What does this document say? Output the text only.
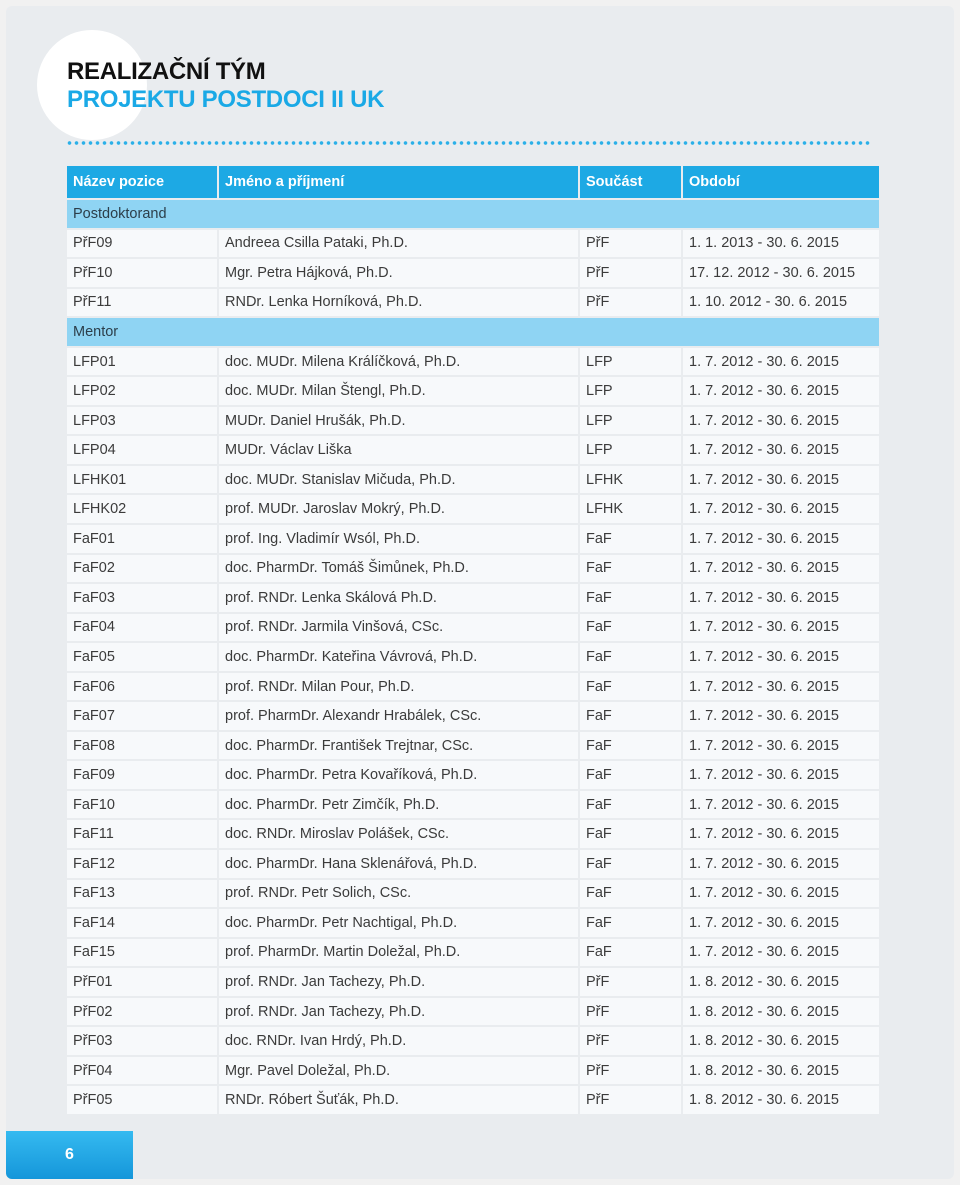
REALIZAČNÍ TÝM
PROJEKTU POSTDOCI II UK
Název pozice	Jméno a příjmení	Součást	Období
Postdoktorand			
PřF09	Andreea Csilla Pataki, Ph.D.	PřF	1. 1. 2013 - 30. 6. 2015
PřF10	Mgr. Petra Hájková, Ph.D.	PřF	17. 12. 2012 - 30. 6. 2015
PřF11	RNDr. Lenka Horníková, Ph.D.	PřF	1. 10. 2012 - 30. 6. 2015
Mentor			
LFP01	doc. MUDr. Milena Králíčková, Ph.D.	LFP	1. 7. 2012 - 30. 6. 2015
LFP02	doc. MUDr. Milan Štengl, Ph.D.	LFP	1. 7. 2012 - 30. 6. 2015
LFP03	MUDr. Daniel Hrušák, Ph.D.	LFP	1. 7. 2012 - 30. 6. 2015
LFP04	MUDr. Václav Liška	LFP	1. 7. 2012 - 30. 6. 2015
LFHK01	doc. MUDr. Stanislav Mičuda, Ph.D.	LFHK	1. 7. 2012 - 30. 6. 2015
LFHK02	prof. MUDr. Jaroslav Mokrý, Ph.D.	LFHK	1. 7. 2012 - 30. 6. 2015
FaF01	prof. Ing. Vladimír Wsól, Ph.D.	FaF	1. 7. 2012 - 30. 6. 2015
FaF02	doc. PharmDr. Tomáš Šimůnek, Ph.D.	FaF	1. 7. 2012 - 30. 6. 2015
FaF03	prof. RNDr. Lenka Skálová Ph.D.	FaF	1. 7. 2012 - 30. 6. 2015
FaF04	prof. RNDr. Jarmila Vinšová, CSc.	FaF	1. 7. 2012 - 30. 6. 2015
FaF05	doc. PharmDr. Kateřina Vávrová, Ph.D.	FaF	1. 7. 2012 - 30. 6. 2015
FaF06	prof. RNDr. Milan Pour, Ph.D.	FaF	1. 7. 2012 - 30. 6. 2015
FaF07	prof. PharmDr. Alexandr Hrabálek, CSc.	FaF	1. 7. 2012 - 30. 6. 2015
FaF08	doc. PharmDr. František Trejtnar, CSc.	FaF	1. 7. 2012 - 30. 6. 2015
FaF09	doc. PharmDr. Petra Kovaříková, Ph.D.	FaF	1. 7. 2012 - 30. 6. 2015
FaF10	doc. PharmDr. Petr Zimčík, Ph.D.	FaF	1. 7. 2012 - 30. 6. 2015
FaF11	doc. RNDr. Miroslav Polášek, CSc.	FaF	1. 7. 2012 - 30. 6. 2015
FaF12	doc. PharmDr. Hana Sklenářová, Ph.D.	FaF	1. 7. 2012 - 30. 6. 2015
FaF13	prof. RNDr. Petr Solich, CSc.	FaF	1. 7. 2012 - 30. 6. 2015
FaF14	doc. PharmDr. Petr Nachtigal, Ph.D.	FaF	1. 7. 2012 - 30. 6. 2015
FaF15	prof. PharmDr. Martin Doležal, Ph.D.	FaF	1. 7. 2012 - 30. 6. 2015
PřF01	prof. RNDr. Jan Tachezy, Ph.D.	PřF	1. 8. 2012 - 30. 6. 2015
PřF02	prof. RNDr. Jan Tachezy, Ph.D.	PřF	1. 8. 2012 - 30. 6. 2015
PřF03	doc. RNDr. Ivan Hrdý, Ph.D.	PřF	1. 8. 2012 - 30. 6. 2015
PřF04	Mgr. Pavel Doležal, Ph.D.	PřF	1. 8. 2012 - 30. 6. 2015
PřF05	RNDr. Róbert Šuťák, Ph.D.	PřF	1. 8. 2012 - 30. 6. 2015
6
